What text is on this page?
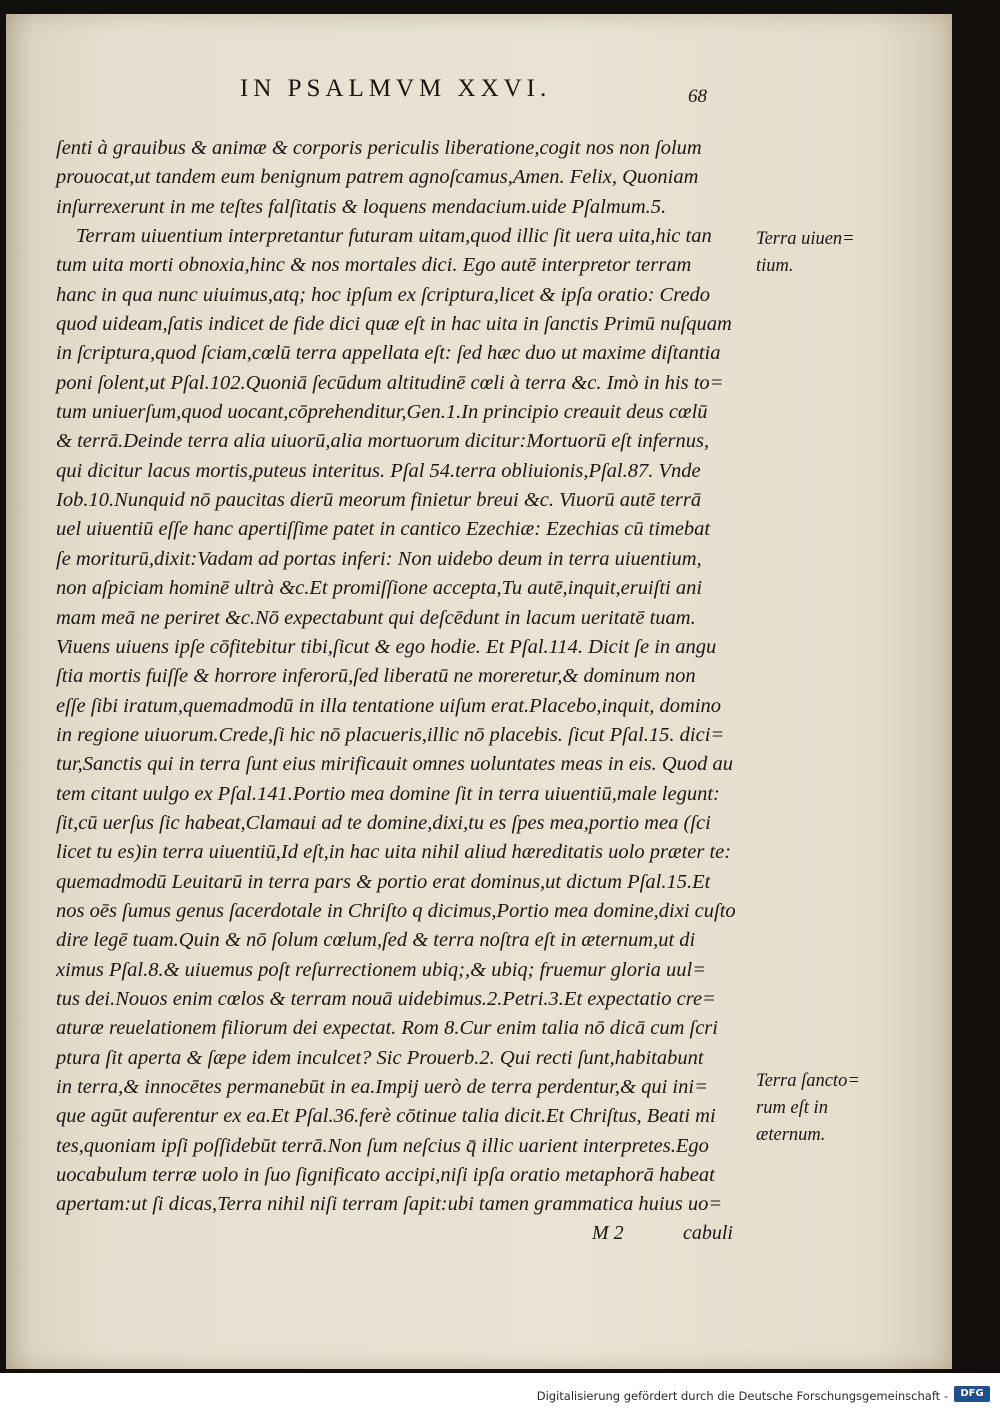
IN PSALMVM XXVI.	68
ſenti à grauibus & animæ & corporis periculis liberatione,cogit nos non ſolum
prouocat,ut tandem eum benignum patrem agnoſcamus,Amen. Felix, Quoniam
inſurrexerunt in me teſtes falſitatis & loquens mendacium.uide Pſalmum.5.
Terram uiuentium interpretantur futuram uitam,quod illic ſit uera uita,hic tan
tum uita morti obnoxia,hinc & nos mortales dici. Ego autē interpretor terram
hanc in qua nunc uiuimus,atq; hoc ipſum ex ſcriptura,licet & ipſa oratio: Credo
quod uideam,ſatis indicet de fide dici quæ eſt in hac uita in ſanctis Primū nuſquam
in ſcriptura,quod ſciam,cœlū terra appellata eſt: ſed hæc duo ut maxime diſtantia
poni ſolent,ut Pſal.102.Quoniā ſecūdum altitudinē cœli à terra &c. Imò in his to=
tum uniuerſum,quod uocant,cōprehenditur,Gen.1.In principio creauit deus cœlū
& terrā.Deinde terra alia uiuorū,alia mortuorum dicitur:Mortuorū eſt infernus,
qui dicitur lacus mortis,puteus interitus. Pſal 54.terra obliuionis,Pſal.87. Vnde
Iob.10.Nunquid nō paucitas dierū meorum finietur breui &c. Viuorū autē terrā
uel uiuentiū eſſe hanc apertiſſime patet in cantico Ezechiæ: Ezechias cū timebat
ſe moriturū,dixit:Vadam ad portas inferi: Non uidebo deum in terra uiuentium,
non aſpiciam hominē ultrà &c.Et promiſſione accepta,Tu autē,inquit,eruiſti ani
mam meā ne periret &c.Nō expectabunt qui deſcēdunt in lacum ueritatē tuam.
Viuens uiuens ipſe cōfitebitur tibi,ſicut & ego hodie. Et Pſal.114. Dicit ſe in angu
ſtia mortis fuiſſe & horrore inferorū,ſed liberatū ne moreretur,& dominum non
eſſe ſibi iratum,quemadmodū in illa tentatione uiſum erat.Placebo,inquit, domino
in regione uiuorum.Crede,ſi hic nō placueris,illic nō placebis. ſicut Pſal.15. dici=
tur,Sanctis qui in terra ſunt eius mirificauit omnes uoluntates meas in eis. Quod au
tem citant uulgo ex Pſal.141.Portio mea domine ſit in terra uiuentiū,male legunt:
ſit,cū uerſus ſic habeat,Clamaui ad te domine,dixi,tu es ſpes mea,portio mea (ſci
licet tu es)in terra uiuentiū,Id eſt,in hac uita nihil aliud hæreditatis uolo præter te:
quemadmodū Leuitarū in terra pars & portio erat dominus,ut dictum Pſal.15.Et
nos oēs ſumus genus ſacerdotale in Chriſto q dicimus,Portio mea domine,dixi cuſto
dire legē tuam.Quin & nō ſolum cœlum,ſed & terra noſtra eſt in æternum,ut di
ximus Pſal.8.& uiuemus poſt reſurrectionem ubiq;,& ubiq; fruemur gloria uul=
tus dei.Nouos enim cœlos & terram nouā uidebimus.2.Petri.3.Et expectatio cre=
aturæ reuelationem filiorum dei expectat. Rom 8.Cur enim talia nō dicā cum ſcri
ptura ſit aperta & ſæpe idem inculcet? Sic Prouerb.2. Qui recti ſunt,habitabunt
in terra,& innocētes permanebūt in ea.Impij uerò de terra perdentur,& qui ini=
que agūt auferentur ex ea.Et Pſal.36.ferè cōtinue talia dicit.Et Chriſtus, Beati mi
tes,quoniam ipſi poſſidebūt terrā.Non ſum neſcius q̄ illic uarient interpretes.Ego
uocabulum terræ uolo in ſuo ſignificato accipi,niſi ipſa oratio metaphorā habeat
apertam:ut ſi dicas,Terra nihil niſi terram ſapit:ubi tamen grammatica huius uo=
Terra uiuen=
tium.
Terra ſancto=
rum eſt in
æternum.
M 2	cabuli
Digitalisierung gefördert durch die Deutsche Forschungsgemeinschaft -	DFG
